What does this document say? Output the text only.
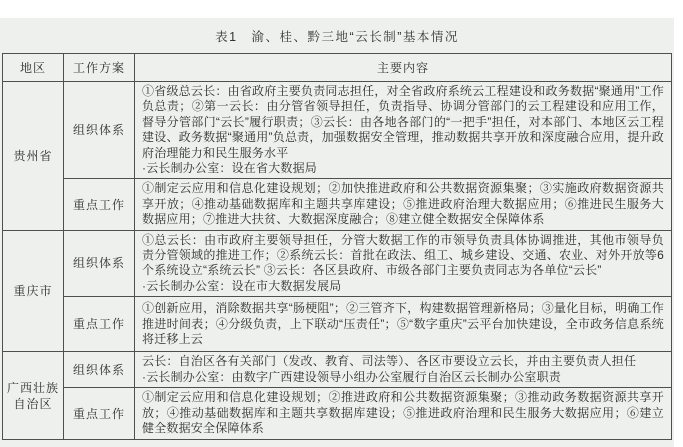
表1　渝、桂、黔三地“云长制”基本情况
地区	工作方案	主要内容
贵州省	组织体系	①省级总云长：由省政府主要负责同志担任，对全省政府系统云工程建设和政务数据“聚通用”工作负总责；②第一云长：由分管省领导担任，负责指导、协调分管部门的云工程建设和应用工作，督导分管部门“云长”履行职责；③云长：由各地各部门的“一把手”担任，对本部门、本地区云工程建设、政务数据“聚通用”负总责，加强数据安全管理，推动数据共享开放和深度融合应用，提升政府治理能力和民生服务水平
·云长制办公室：设在省大数据局

	重点工作	①制定云应用和信息化建设规划；②加快推进政府和公共数据资源集聚；③实施政府数据资源共享开放；④推动基础数据库和主题共享库建设；⑤推进政府治理大数据应用；⑥推进民生服务大数据应用；⑦推进大扶贫、大数据深度融合；⑧建立健全数据安全保障体系

重庆市	组织体系	①总云长：由市政府主要领导担任，分管大数据工作的市领导负责具体协调推进，其他市领导负责分管领域的推进工作；②系统云长：首批在政法、组工、城乡建设、交通、农业、对外开放等6个系统设立“系统云长” ③云长：各区县政府、市级各部门主要负责同志为各单位“云长”
·云长制办公室：设在市大数据发展局

	重点工作	①创新应用，消除数据共享“肠梗阻”；②三管齐下，构建数据管理新格局；③量化目标，明确工作推进时间表；④分级负责，上下联动“压责任”；⑤“数字重庆”云平台加快建设，全市政务信息系统将迁移上云

广西壮族自治区	组织体系	云长：自治区各有关部门（发改、教育、司法等）、各区市要设立云长，并由主要负责人担任
·云长制办公室：由数字广西建设领导小组办公室履行自治区云长制办公室职责

	重点工作	①制定云应用和信息化建设规划；②推进政府和公共数据资源集聚；③推动政务数据资源共享开放；④推动基础数据库和主题共享数据库建设；⑤推进政府治理和民生服务大数据应用；⑥建立健全数据安全保障体系
